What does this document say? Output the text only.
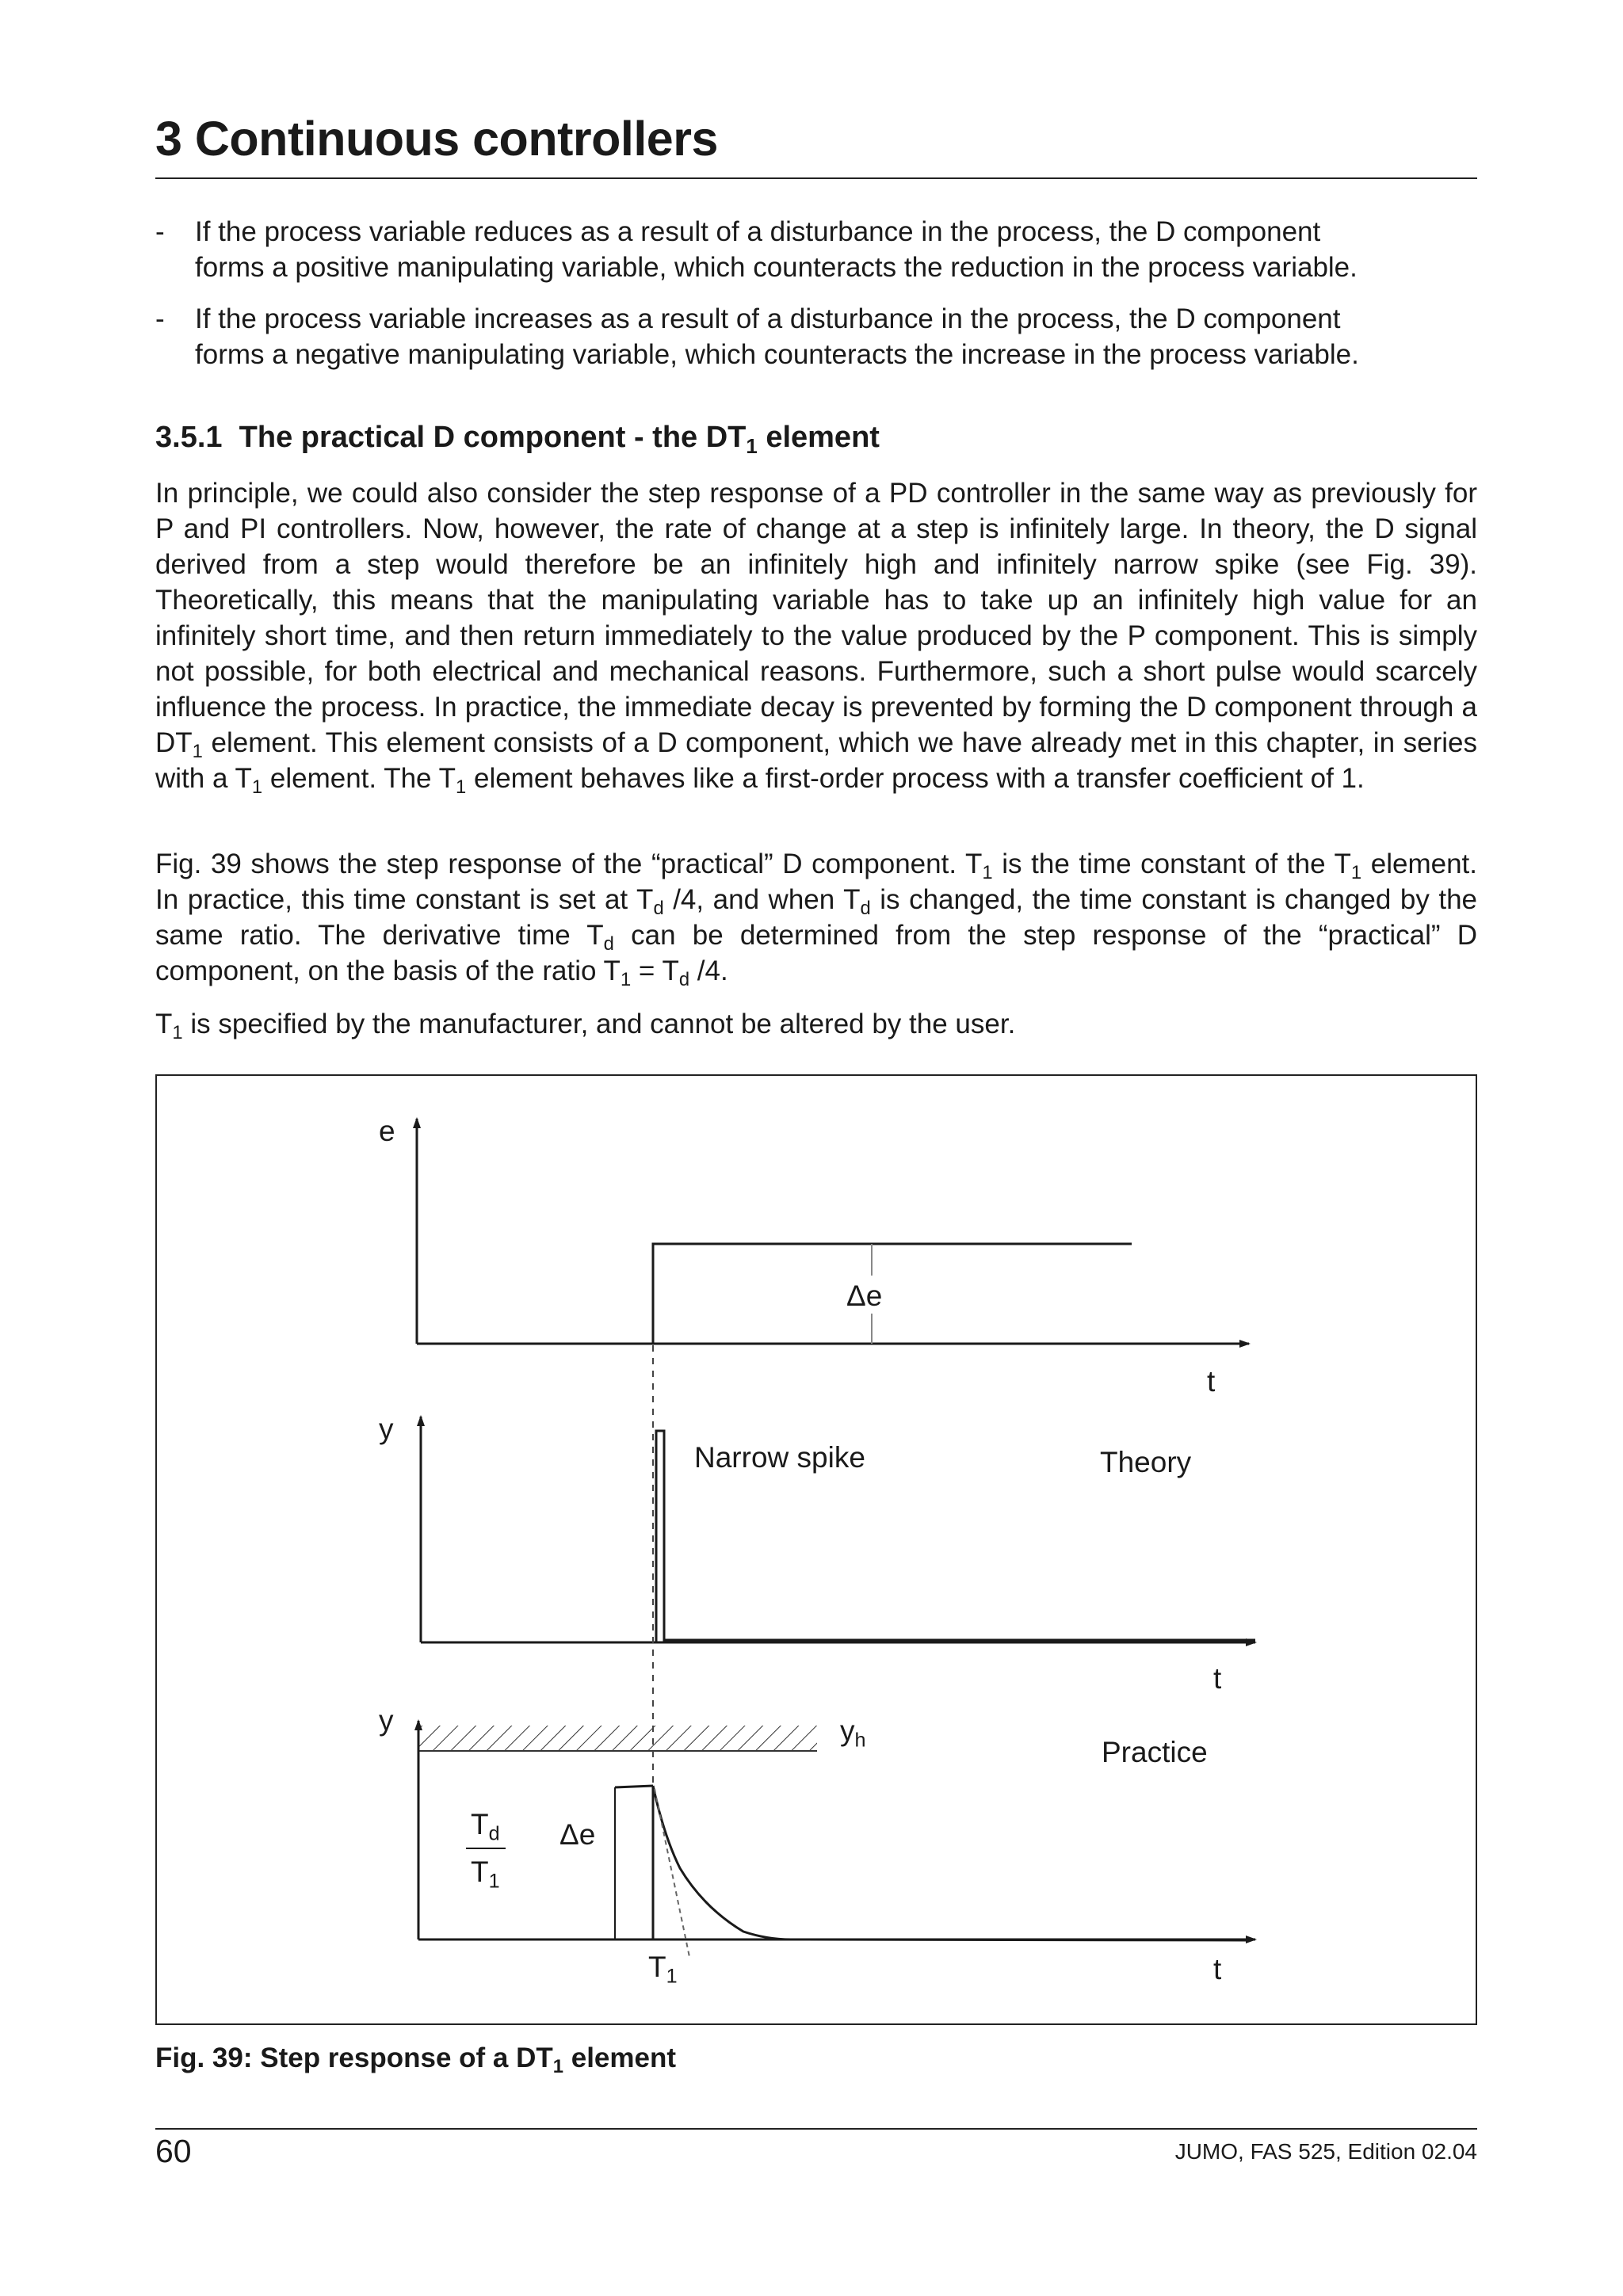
3 Continuous controllers
- If the process variable reduces as a result of a disturbance in the process, the D component
forms a positive manipulating variable, which counteracts the reduction in the process variable.
- If the process variable increases as a result of a disturbance in the process, the D component
forms a negative manipulating variable, which counteracts the increase in the process variable.
3.5.1 The practical D component - the $DT_1$ element
In principle, we could also consider the step response of a PD controller in the same way as previously for P and PI controllers. Now, however, the rate of change at a step is infinitely large. In theory, the D signal derived from a step would therefore be an infinitely high and infinitely narrow spike (see Fig. 39). Theoretically, this means that the manipulating variable has to take up an infinitely high value for an infinitely short time, and then return immediately to the value produced by the P component. This is simply not possible, for both electrical and mechanical reasons. Furthermore, such a short pulse would scarcely influence the process. In practice, the immediate decay is prevented by forming the D component through a $DT_1$ element. This element consists of a D component, which we have already met in this chapter, in series with a $T_1$ element. The $T_1$ element behaves like a first-order process with a transfer coefficient of 1.
Fig. 39 shows the step response of the “practical” D component. $T_1$ is the time constant of the $T_1$ element. In practice, this time constant is set at $T_d$ /4, and when $T_d$ is changed, the time constant is changed by the same ratio. The derivative time $T_d$ can be determined from the step response of the “practical” D component, on the basis of the ratio $T_1 = T_d$ /4.
$T_1$ is specified by the manufacturer, and cannot be altered by the user.
e
Δe
t
y
Narrow spike	Theory
t
y
Practice
t
Δe
$y_h$
$T_d$
$T_1$
$T_1$
Fig. 39: Step response of a $DT_1$ element
60	JUMO, FAS 525, Edition 02.04
